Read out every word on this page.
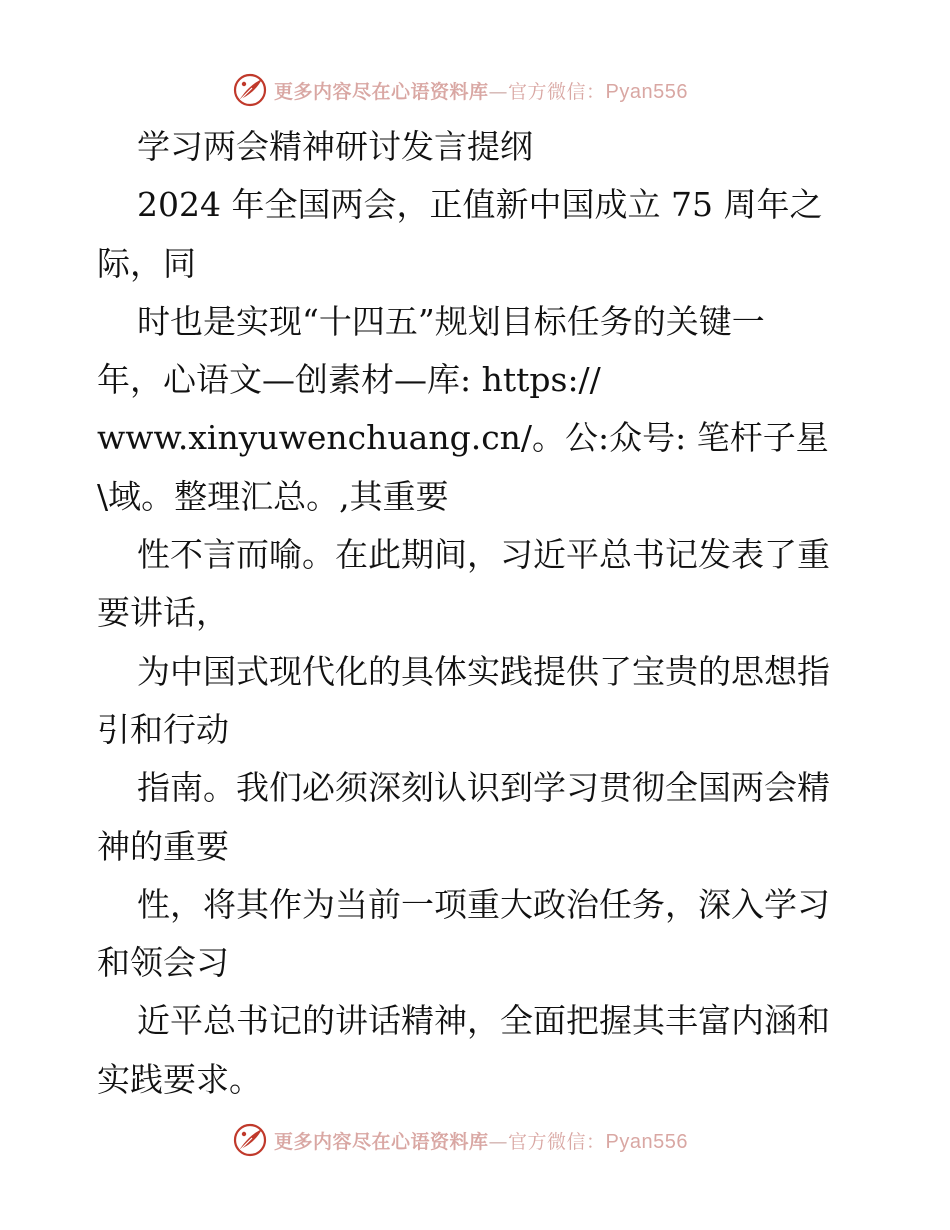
更多内容尽在心语资料库—官方微信：Pyan556
学习两会精神研讨发言提纲
2024 年全国两会，正值新中国成立 75 周年之
际，同
时也是实现“十四五”规划目标任务的关键一
年，心语文—创素材—库: https://
www.xinyuwenchuang.cn/。公:众号: 笔杆子星
\域。整理汇总。,其重要
性不言而喻。在此期间，习近平总书记发表了重
要讲话，
为中国式现代化的具体实践提供了宝贵的思想指
引和行动
指南。我们必须深刻认识到学习贯彻全国两会精
神的重要
性，将其作为当前一项重大政治任务，深入学习
和领会习
近平总书记的讲话精神，全面把握其丰富内涵和
实践要求。
更多内容尽在心语资料库—官方微信：Pyan556
